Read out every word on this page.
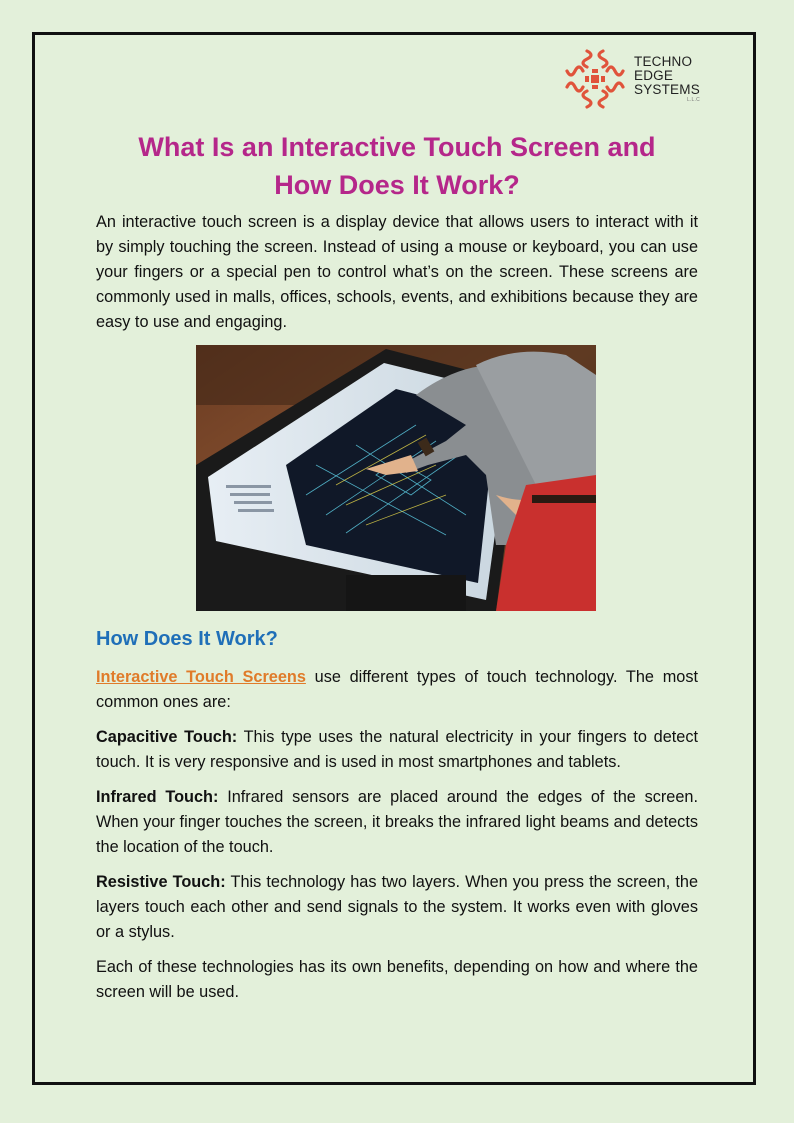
TECHNO
EDGE
SYSTEMS
L.L.C
What Is an Interactive Touch Screen and
How Does It Work?

An interactive touch screen is a display device that allows users to interact with it by simply touching the screen. Instead of using a mouse or keyboard, you can use your fingers or a special pen to control what’s on the screen. These screens are commonly used in malls, offices, schools, events, and exhibitions because they are easy to use and engaging.

How Does It Work?

Interactive Touch Screens use different types of touch technology. The most common ones are:

Capacitive Touch: This type uses the natural electricity in your fingers to detect touch. It is very responsive and is used in most smartphones and tablets.

Infrared Touch: Infrared sensors are placed around the edges of the screen. When your finger touches the screen, it breaks the infrared light beams and detects the location of the touch.

Resistive Touch: This technology has two layers. When you press the screen, the layers touch each other and send signals to the system. It works even with gloves or a stylus.

Each of these technologies has its own benefits, depending on how and where the screen will be used.
